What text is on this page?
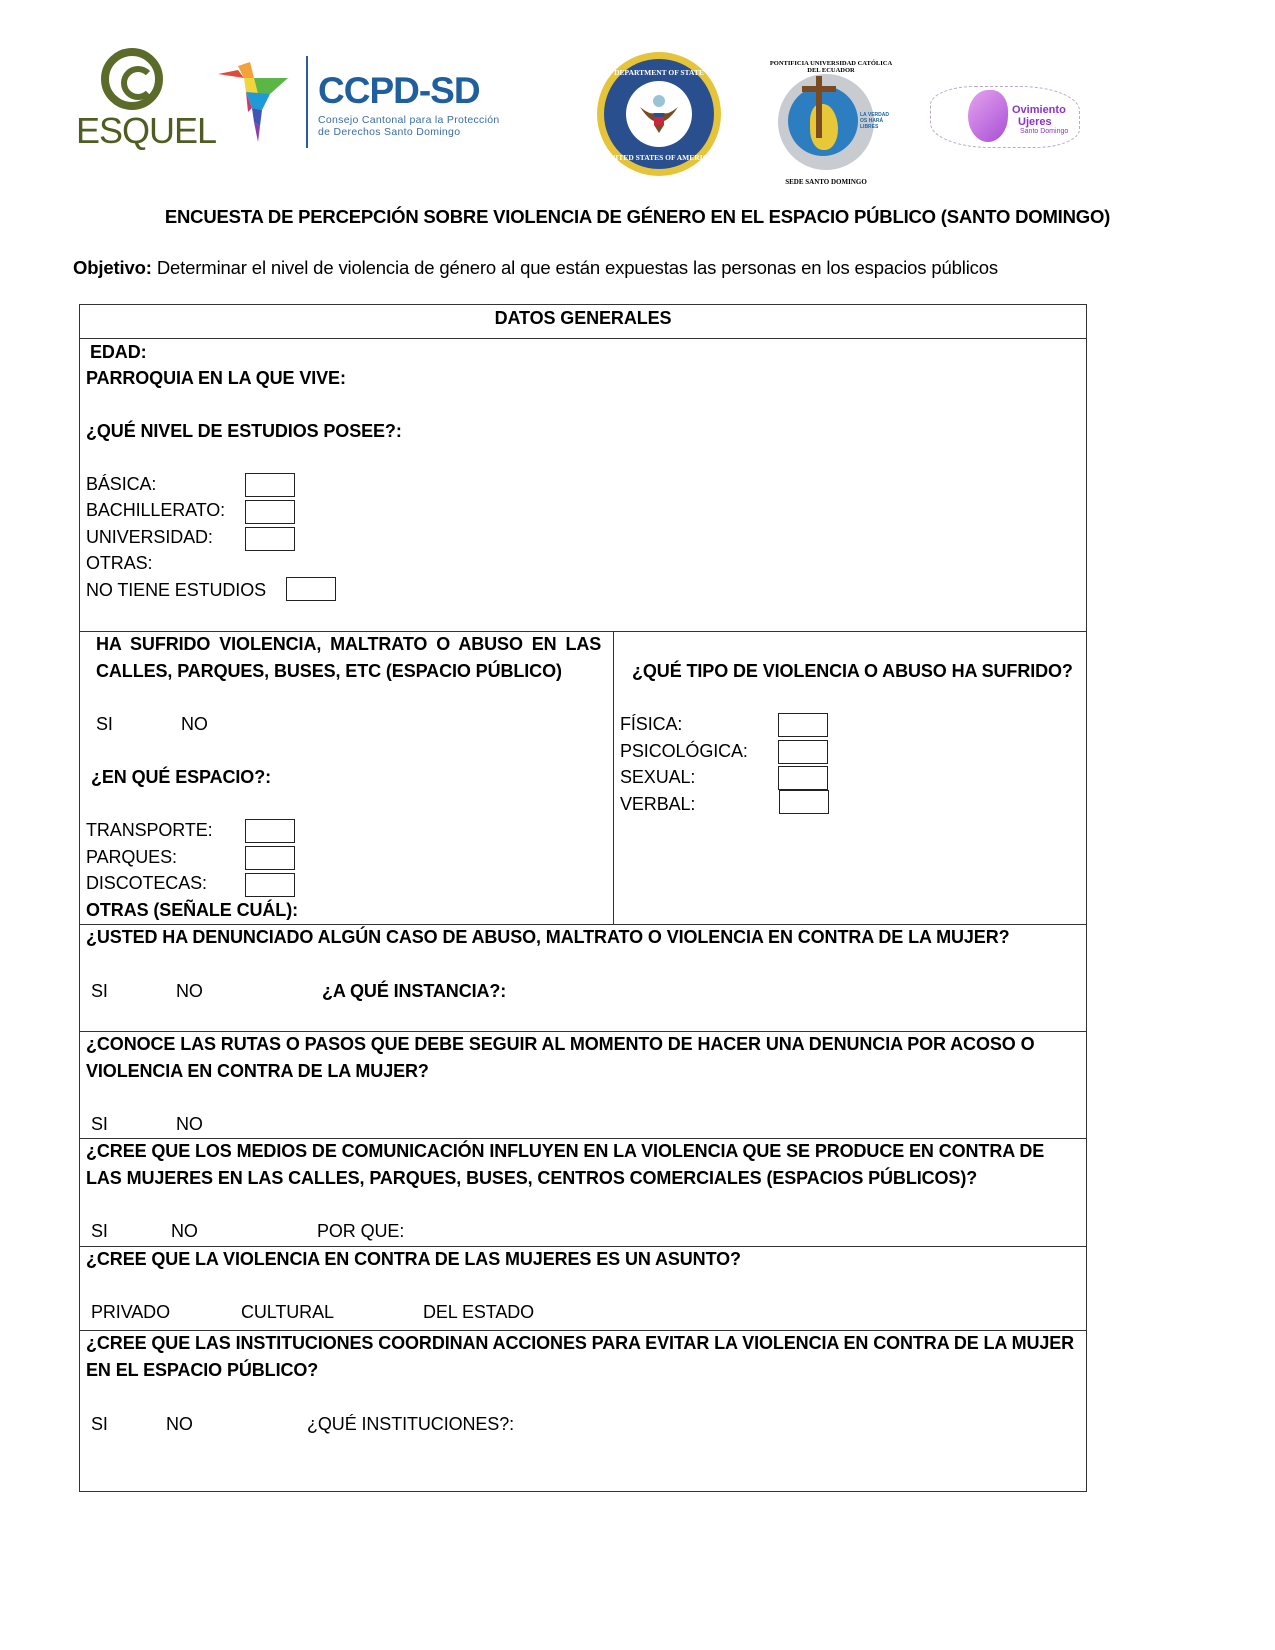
ESQUEL
CCPD-SD
Consejo Cantonal para la Protección
de Derechos Santo Domingo
DEPARTMENT OF STATE
UNITED STATES OF AMERICA
PONTIFICIA UNIVERSIDAD CATÓLICA DEL ECUADOR
LA VERDAD OS HARÁ LIBRES
SEDE SANTO DOMINGO
Ovimiento
Ujeres
Santo Domingo
ENCUESTA DE PERCEPCIÓN SOBRE VIOLENCIA DE GÉNERO EN EL ESPACIO PÚBLICO (SANTO DOMINGO)
Objetivo: Determinar el nivel de violencia de género al que están expuestas las personas en los espacios públicos
DATOS GENERALES
EDAD:
PARROQUIA EN LA QUE VIVE:
¿QUÉ NIVEL DE ESTUDIOS POSEE?:
BÁSICA:
BACHILLERATO:
UNIVERSIDAD:
OTRAS:
NO TIENE ESTUDIOS
HA SUFRIDO VIOLENCIA, MALTRATO O ABUSO EN LAS
CALLES, PARQUES, BUSES, ETC (ESPACIO PÚBLICO)
SI	NO
¿EN QUÉ ESPACIO?:
TRANSPORTE:
PARQUES:
DISCOTECAS:
OTRAS (SEÑALE CUÁL):
¿QUÉ TIPO DE VIOLENCIA O ABUSO HA SUFRIDO?
FÍSICA:
PSICOLÓGICA:
SEXUAL:
VERBAL:
¿USTED HA DENUNCIADO ALGÚN CASO DE ABUSO, MALTRATO O VIOLENCIA EN CONTRA DE LA MUJER?
SI	NO	¿A QUÉ INSTANCIA?:
¿CONOCE LAS RUTAS O PASOS QUE DEBE SEGUIR AL MOMENTO DE HACER UNA DENUNCIA POR ACOSO O
VIOLENCIA EN CONTRA DE LA MUJER?
SI	NO
¿CREE QUE LOS MEDIOS DE COMUNICACIÓN INFLUYEN EN LA VIOLENCIA QUE SE PRODUCE EN CONTRA DE
LAS MUJERES EN LAS CALLES, PARQUES, BUSES, CENTROS COMERCIALES (ESPACIOS PÚBLICOS)?
SI	NO	POR QUE:
¿CREE QUE LA VIOLENCIA EN CONTRA DE LAS MUJERES ES UN ASUNTO?
PRIVADO	CULTURAL	DEL ESTADO
¿CREE QUE LAS INSTITUCIONES COORDINAN ACCIONES PARA EVITAR LA VIOLENCIA EN CONTRA DE LA MUJER
EN EL ESPACIO PÚBLICO?
SI	NO	¿QUÉ INSTITUCIONES?:
